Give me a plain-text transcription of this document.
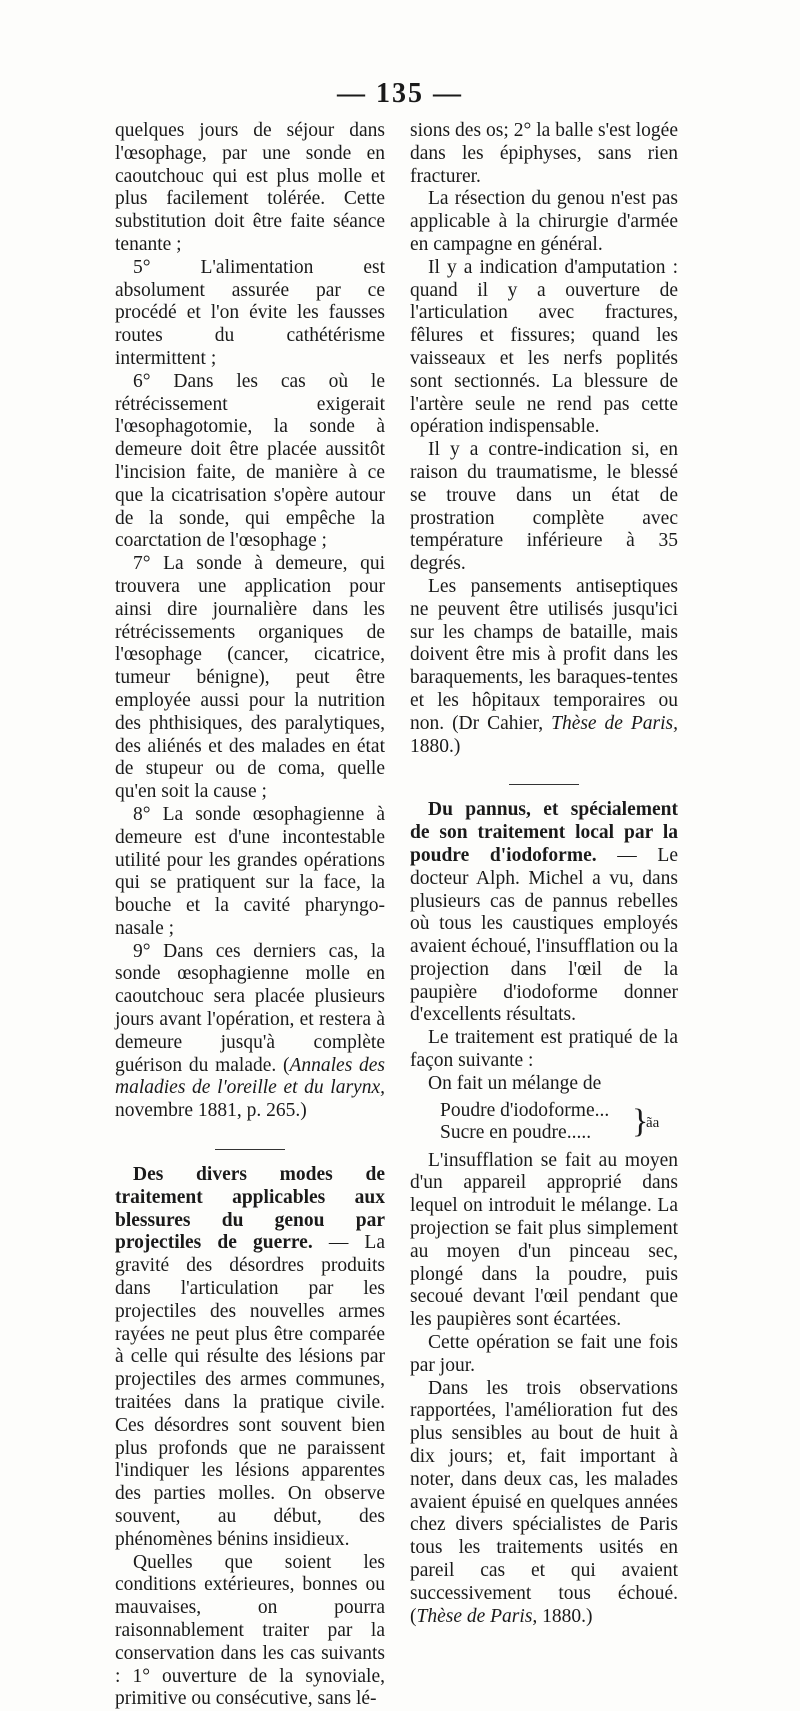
— 135 —

quelques jours de séjour dans l'œsophage, par une sonde en caoutchouc qui est plus molle et plus facilement tolérée. Cette substitution doit être faite séance tenante ;

5° L'alimentation est absolument assurée par ce procédé et l'on évite les fausses routes du cathétérisme intermittent ;

6° Dans les cas où le rétrécissement exigerait l'œsophagotomie, la sonde à demeure doit être placée aussitôt l'incision faite, de manière à ce que la cicatrisation s'opère autour de la sonde, qui empêche la coarctation de l'œsophage ;

7° La sonde à demeure, qui trouvera une application pour ainsi dire journalière dans les rétrécissements organiques de l'œsophage (cancer, cicatrice, tumeur bénigne), peut être employée aussi pour la nutrition des phthisiques, des paralytiques, des aliénés et des malades en état de stupeur ou de coma, quelle qu'en soit la cause ;

8° La sonde œsophagienne à demeure est d'une incontestable utilité pour les grandes opérations qui se pratiquent sur la face, la bouche et la cavité pharyngo-nasale ;

9° Dans ces derniers cas, la sonde œsophagienne molle en caoutchouc sera placée plusieurs jours avant l'opération, et restera à demeure jusqu'à complète guérison du malade. (Annales des maladies de l'oreille et du larynx, novembre 1881, p. 265.)

Des divers modes de traitement applicables aux blessures du genou par projectiles de guerre. — La gravité des désordres produits dans l'articulation par les projectiles des nouvelles armes rayées ne peut plus être comparée à celle qui résulte des lésions par projectiles des armes communes, traitées dans la pratique civile. Ces désordres sont souvent bien plus profonds que ne paraissent l'indiquer les lésions apparentes des parties molles. On observe souvent, au début, des phénomènes bénins insidieux.

Quelles que soient les conditions extérieures, bonnes ou mauvaises, on pourra raisonnablement traiter par la conservation dans les cas suivants : 1° ouverture de la synoviale, primitive ou consécutive, sans lé-

sions des os; 2° la balle s'est logée dans les épiphyses, sans rien fracturer.

La résection du genou n'est pas applicable à la chirurgie d'armée en campagne en général.

Il y a indication d'amputation : quand il y a ouverture de l'articulation avec fractures, fêlures et fissures; quand les vaisseaux et les nerfs poplités sont sectionnés. La blessure de l'artère seule ne rend pas cette opération indispensable.

Il y a contre-indication si, en raison du traumatisme, le blessé se trouve dans un état de prostration complète avec température inférieure à 35 degrés.

Les pansements antiseptiques ne peuvent être utilisés jusqu'ici sur les champs de bataille, mais doivent être mis à profit dans les baraquements, les baraques-tentes et les hôpitaux temporaires ou non. (Dr Cahier, Thèse de Paris, 1880.)

Du pannus, et spécialement de son traitement local par la poudre d'iodoforme. — Le docteur Alph. Michel a vu, dans plusieurs cas de pannus rebelles où tous les caustiques employés avaient échoué, l'insufflation ou la projection dans l'œil de la paupière d'iodoforme donner d'excellents résultats.

Le traitement est pratiqué de la façon suivante :

On fait un mélange de

Poudre d'iodoforme...
Sucre en poudre.....	}
ãa

L'insufflation se fait au moyen d'un appareil approprié dans lequel on introduit le mélange. La projection se fait plus simplement au moyen d'un pinceau sec, plongé dans la poudre, puis secoué devant l'œil pendant que les paupières sont écartées.

Cette opération se fait une fois par jour.

Dans les trois observations rapportées, l'amélioration fut des plus sensibles au bout de huit à dix jours; et, fait important à noter, dans deux cas, les malades avaient épuisé en quelques années chez divers spécialistes de Paris tous les traitements usités en pareil cas et qui avaient successivement tous échoué. (Thèse de Paris, 1880.)
